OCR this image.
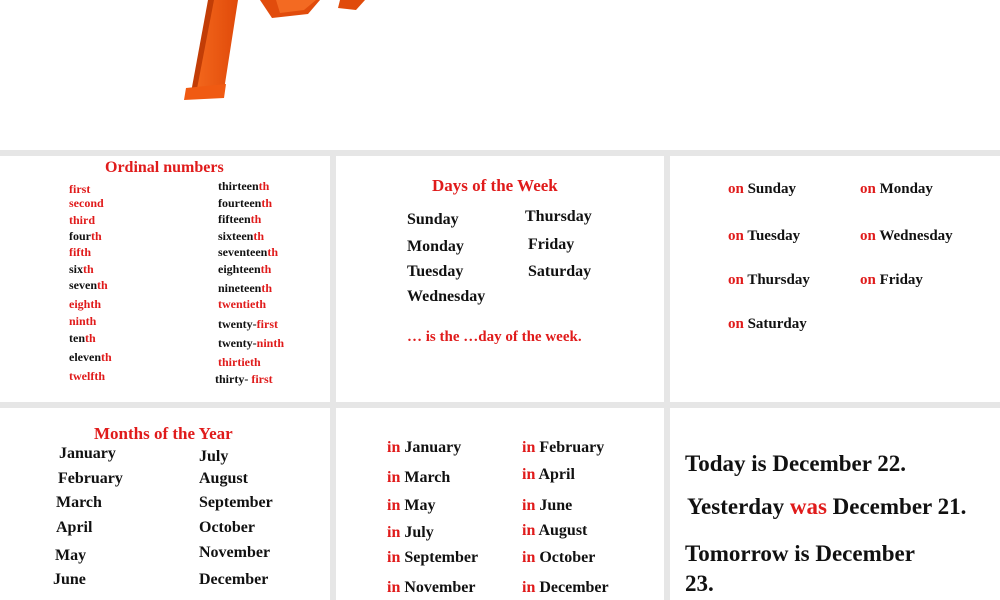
Ordinal numbers
first
second
third
fourth
fifth
sixth
seventh
eighth
ninth
tenth
eleventh
twelfth
thirteenth
fourteenth
fifteenth
sixteenth
seventeenth
eighteenth
nineteenth
twentieth
twenty-first
twenty-ninth
thirtieth
thirty- first
Days of the Week
Sunday
Monday
Tuesday
Wednesday
Thursday
Friday
Saturday
… is the …day of the week.
on Sunday	on Monday
on Tuesday	on Wednesday
on Thursday	on Friday
on Saturday
Months of the Year
January
February
March
April
May
June
July
August
September
October
November
December
in January	in February
in March	in April
in May	in June
in July	in August
in September	in October
in November	in December
Today is December 22.
Yesterday was December 21.
Tomorrow is December
23.
